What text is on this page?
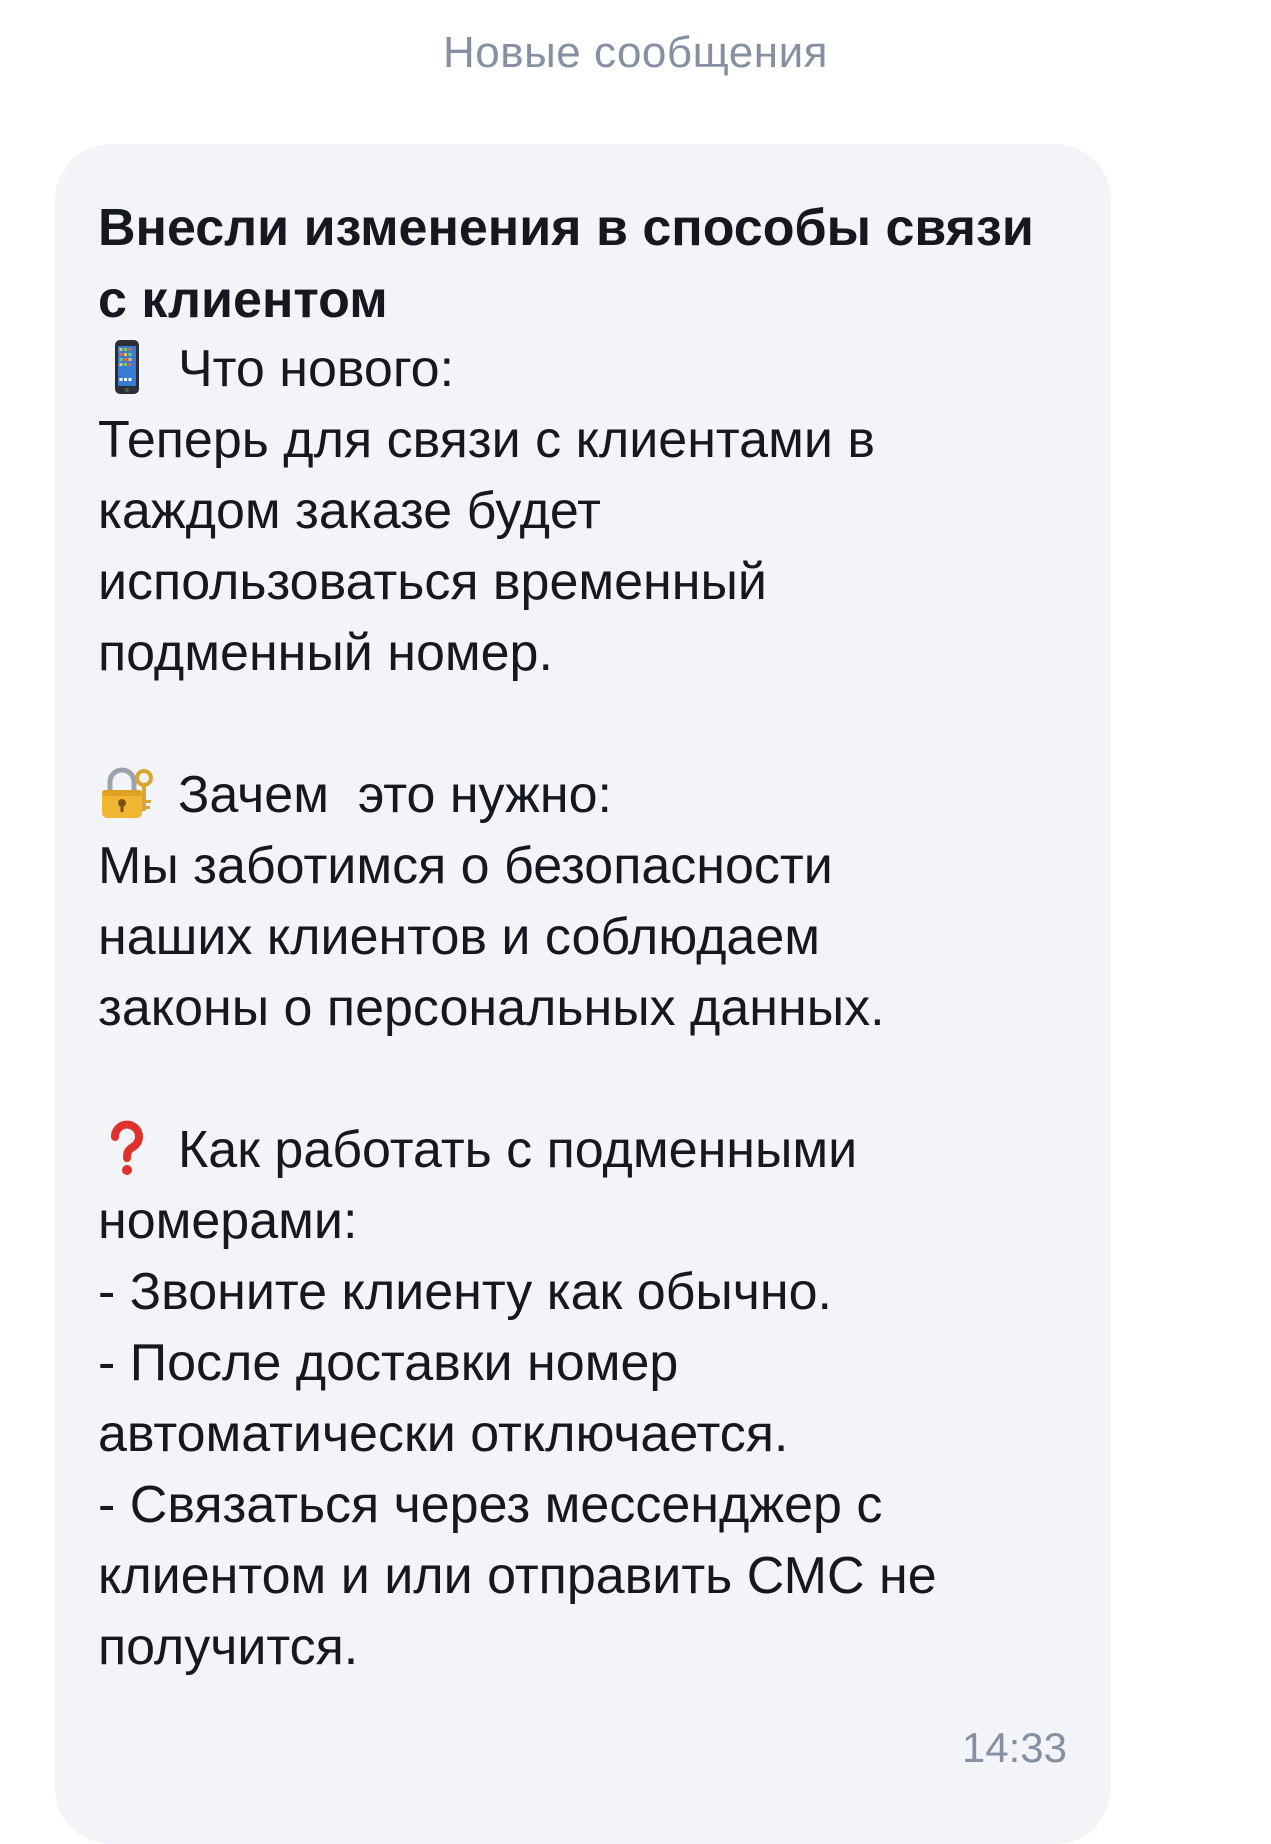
Новые сообщения
Внесли изменения в способы связи с клиентом
Что нового:
Теперь для связи с клиентами в
каждом заказе будет
использоваться временный
подменный номер.
Зачем  это нужно:
Мы заботимся о безопасности
наших клиентов и соблюдаем
законы о персональных данных.
Как работать с подменными
номерами:
- Звоните клиенту как обычно.
- После доставки номер
автоматически отключается.
- Связаться через мессенджер с
клиентом и или отправить СМС не
получится.
14:33
